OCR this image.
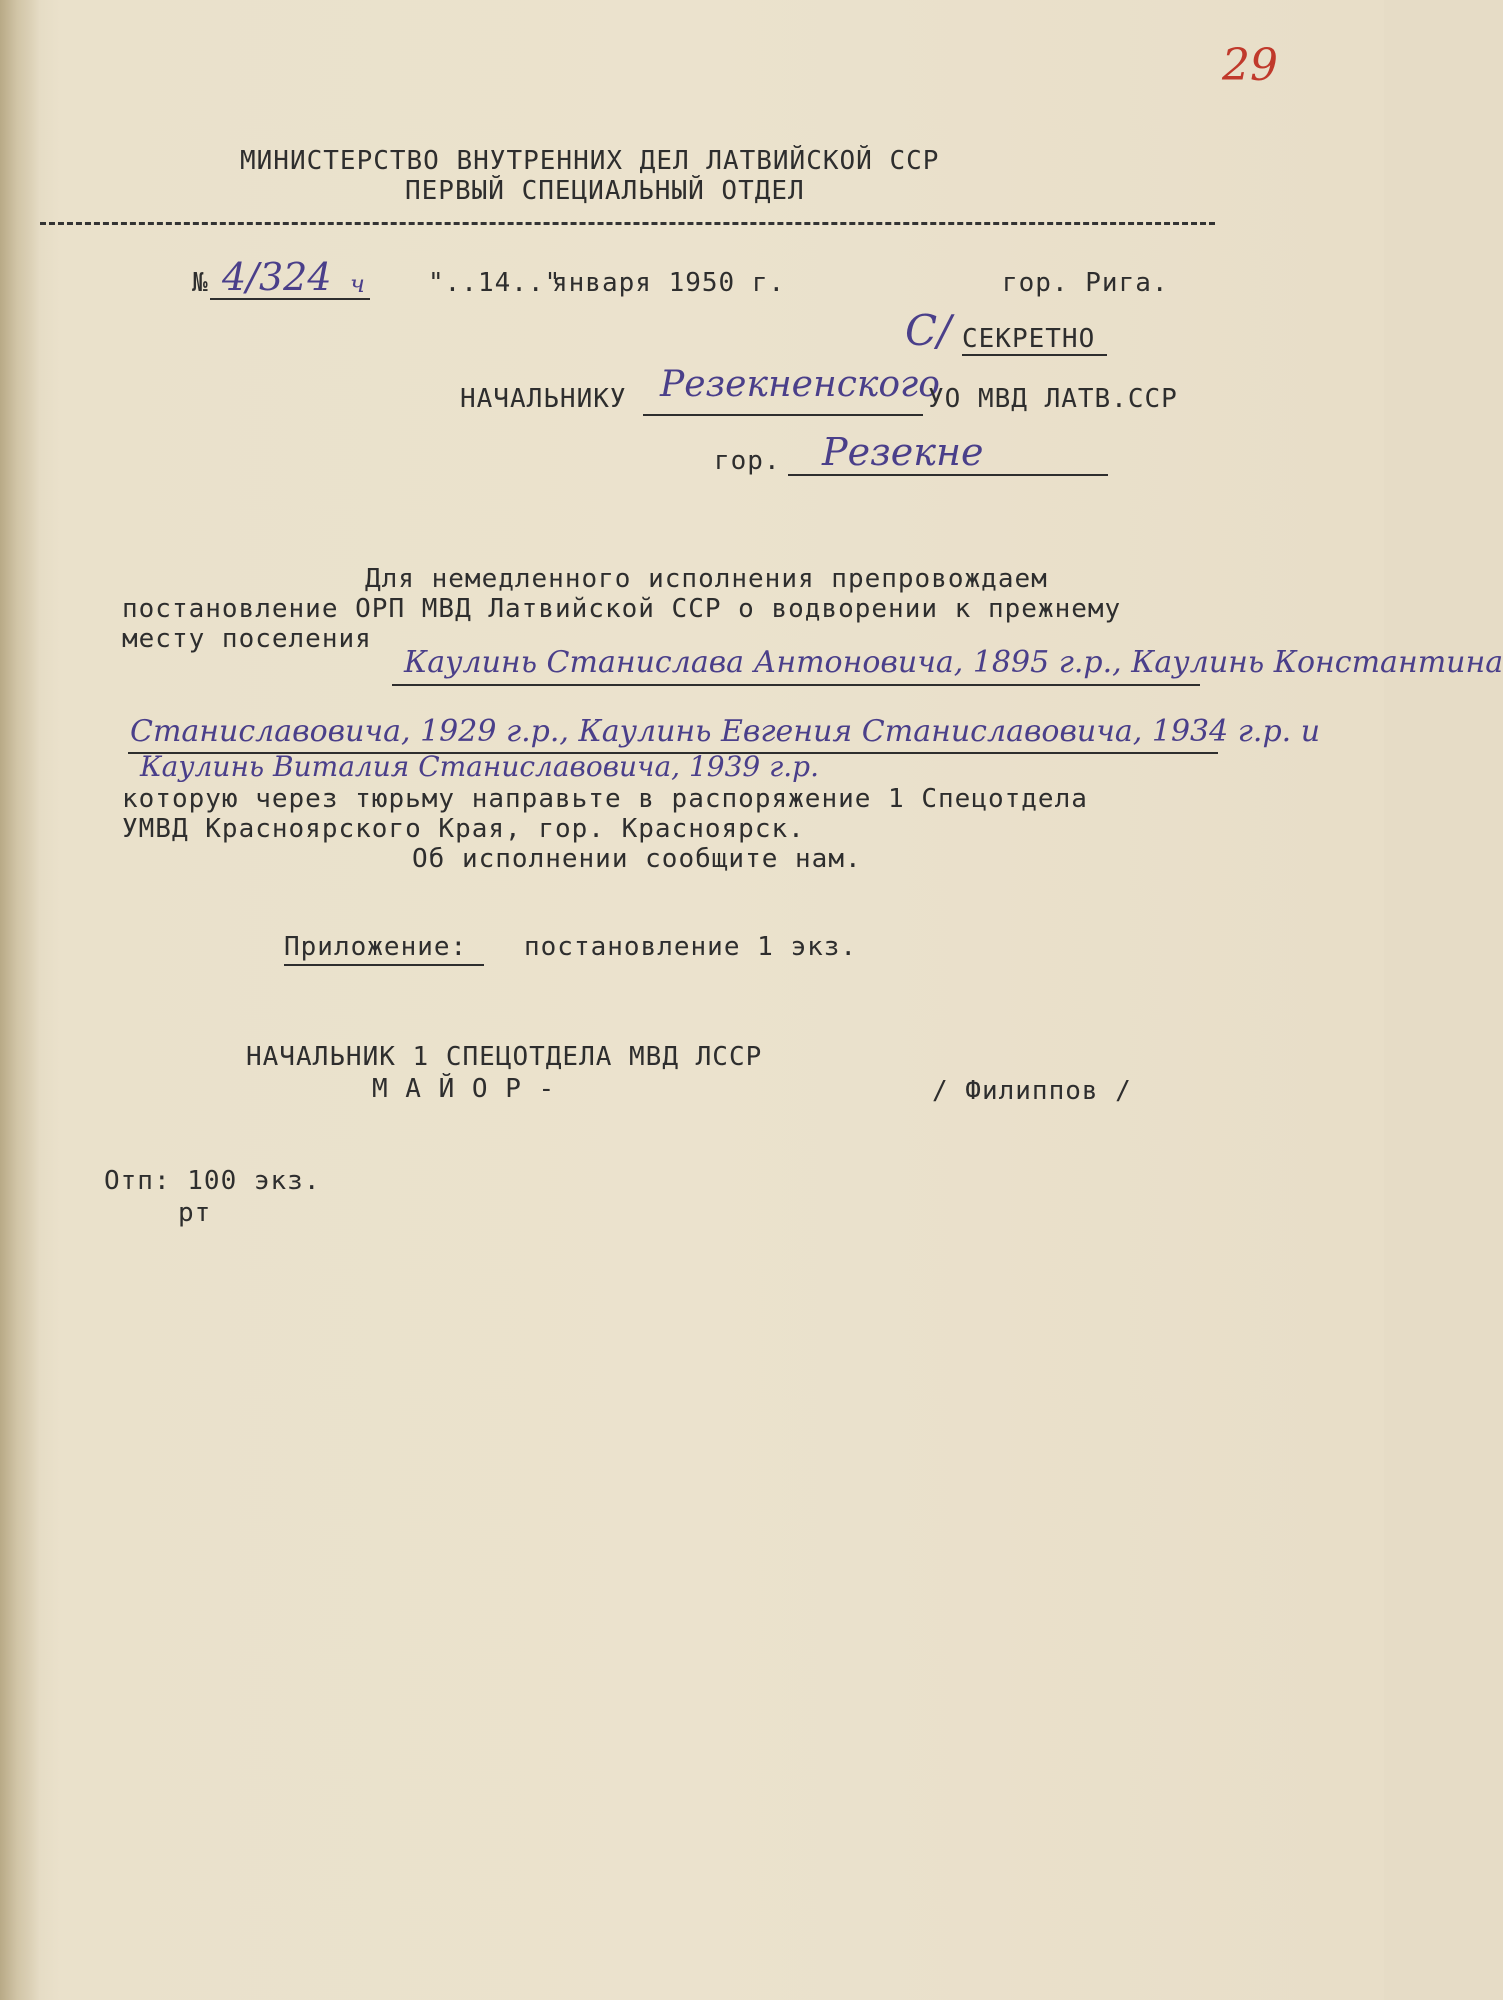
29
МИНИСТЕРСТВО ВНУТРЕННИХ ДЕЛ ЛАТВИЙСКОЙ ССР
ПЕРВЫЙ СПЕЦИАЛЬНЫЙ ОТДЕЛ
№ 4/324 ч "..14.."
января 1950 г.	гор. Рига.
С/ СЕКРЕТНО
НАЧАЛЬНИКУ Резекненского
УО МВД ЛАТВ.ССР
гор. Резекне
Для немедленного исполнения препровождаем
постановление ОРП МВД Латвийской ССР о водворении к прежнему
месту поселения
Каулинь Станислава Антоновича, 1895 г.р., Каулинь Константина
Станиславовича, 1929 г.р., Каулинь Евгения Станиславовича, 1934 г.р. и
Каулинь Виталия Станиславовича, 1939 г.р.
которую через тюрьму направьте в распоряжение 1 Спецотдела
УМВД Красноярского Края, гор. Красноярск.
Об исполнении сообщите нам.
Приложение: постановление 1 экз.
НАЧАЛЬНИК 1 СПЕЦОТДЕЛА МВД ЛССР
М А Й О Р -	/ Филиппов /
Отп: 100 экз.
рт
